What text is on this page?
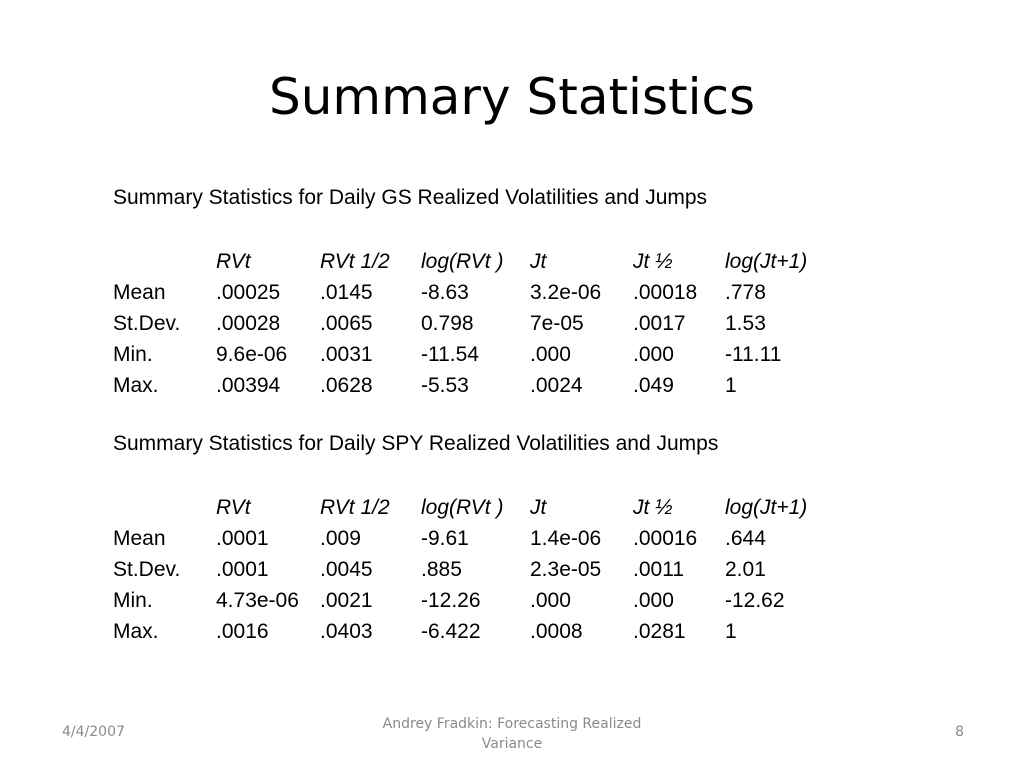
Summary Statistics
Summary Statistics for Daily GS Realized Volatilities and Jumps
	RVt	RVt 1/2	log(RVt )	Jt	Jt ½	log(Jt+1)
Mean	.00025	.0145	-8.63	3.2e-06	.00018	.778
St.Dev.	.00028	.0065	0.798	7e-05	.0017	1.53
Min.	9.6e-06	.0031	-11.54	.000	.000	-11.11
Max.	.00394	.0628	-5.53	.0024	.049	1
Summary Statistics for Daily SPY Realized Volatilities and Jumps
	RVt	RVt 1/2	log(RVt )	Jt	Jt ½	log(Jt+1)
Mean	.0001	.009	-9.61	1.4e-06	.00016	.644
St.Dev.	.0001	.0045	.885	2.3e-05	.0011	2.01
Min.	4.73e-06	.0021	-12.26	.000	.000	-12.62
Max.	.0016	.0403	-6.422	.0008	.0281	1
4/4/2007	Andrey Fradkin: Forecasting Realized Variance
8
